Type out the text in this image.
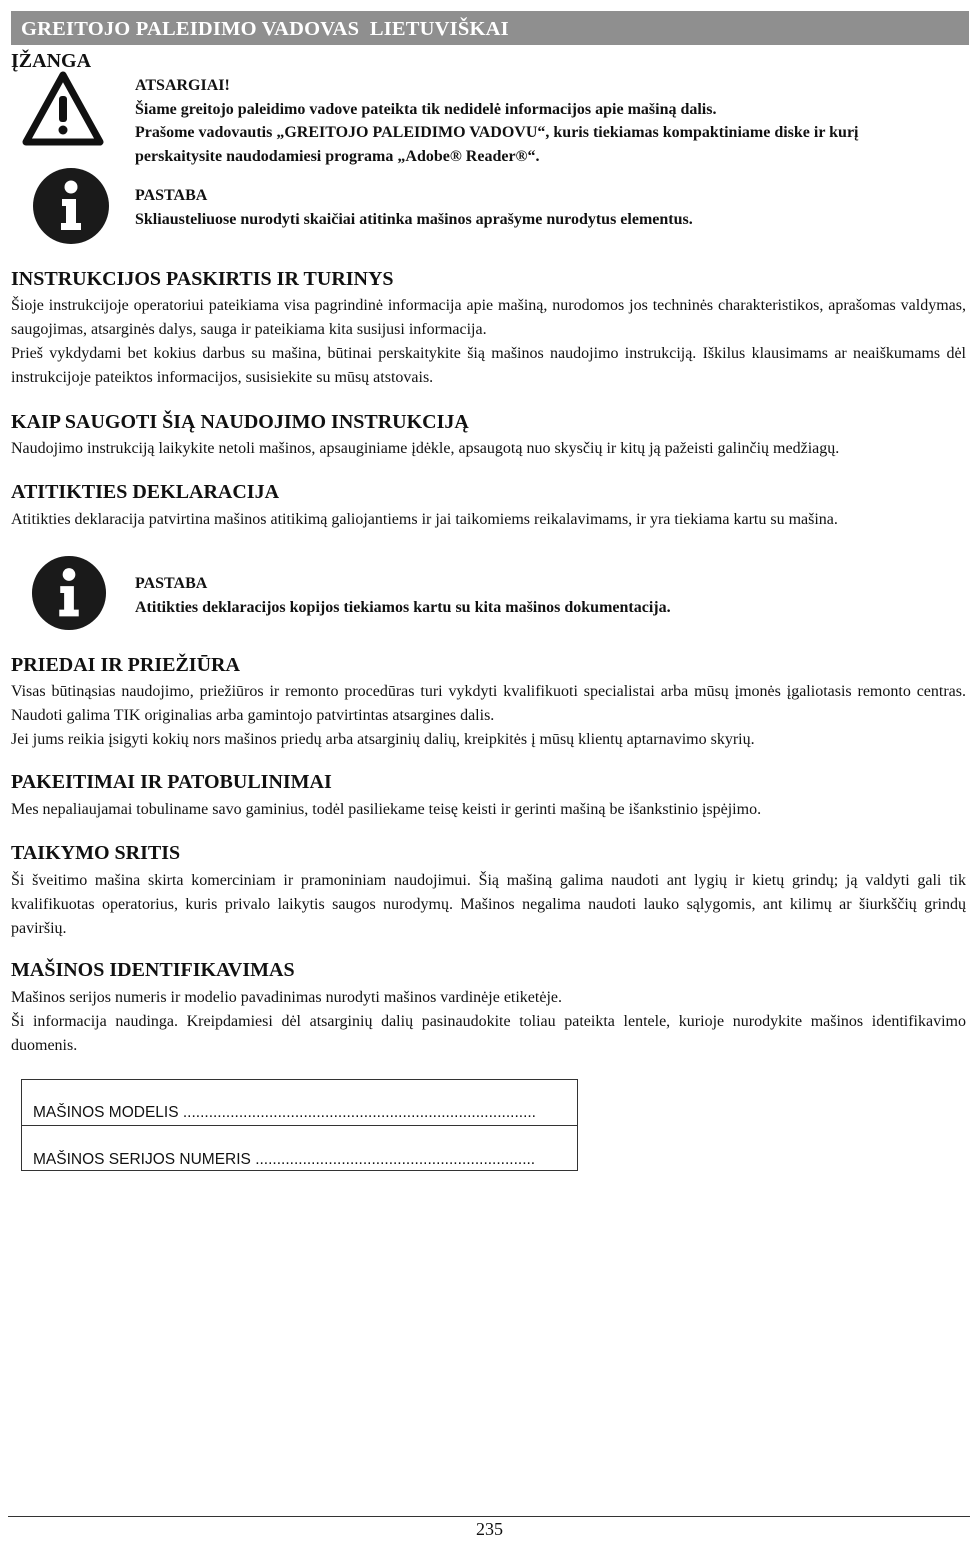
GREITOJO PALEIDIMO VADOVAS  LIETUVIŠKAI
ĮŽANGA
ATSARGIAI!
Šiame greitojo paleidimo vadove pateikta tik nedidelė informacijos apie mašiną dalis.
Prašome vadovautis „GREITOJO PALEIDIMO VADOVU“, kuris tiekiamas kompaktiniame diske ir kurį
perskaitysite naudodamiesi programa „Adobe® Reader®“.
PASTABA
Skliausteliuose nurodyti skaičiai atitinka mašinos aprašyme nurodytus elementus.
INSTRUKCIJOS PASKIRTIS IR TURINYS
Šioje instrukcijoje operatoriui pateikiama visa pagrindinė informacija apie mašiną, nurodomos jos techninės charakteristikos, aprašomas valdymas, saugojimas, atsarginės dalys, sauga ir pateikiama kita susijusi informacija.
Prieš vykdydami bet kokius darbus su mašina, būtinai perskaitykite šią mašinos naudojimo instrukciją. Iškilus klausimams ar neaiškumams dėl instrukcijoje pateiktos informacijos, susisiekite su mūsų atstovais.
KAIP SAUGOTI ŠIĄ NAUDOJIMO INSTRUKCIJĄ
Naudojimo instrukciją laikykite netoli mašinos, apsauginiame įdėkle, apsaugotą nuo skysčių ir kitų ją pažeisti galinčių medžiagų.
ATITIKTIES DEKLARACIJA
Atitikties deklaracija patvirtina mašinos atitikimą galiojantiems ir jai taikomiems reikalavimams, ir yra tiekiama kartu su mašina.
PASTABA
Atitikties deklaracijos kopijos tiekiamos kartu su kita mašinos dokumentacija.
PRIEDAI IR PRIEŽIŪRA
Visas būtinąsias naudojimo, priežiūros ir remonto procedūras turi vykdyti kvalifikuoti specialistai arba mūsų įmonės įgaliotasis remonto centras. Naudoti galima TIK originalias arba gamintojo patvirtintas atsargines dalis.
Jei jums reikia įsigyti kokių nors mašinos priedų arba atsarginių dalių, kreipkitės į mūsų klientų aptarnavimo skyrių.
PAKEITIMAI IR PATOBULINIMAI
Mes nepaliaujamai tobuliname savo gaminius, todėl pasiliekame teisę keisti ir gerinti mašiną be išankstinio įspėjimo.
TAIKYMO SRITIS
Ši šveitimo mašina skirta komerciniam ir pramoniniam naudojimui. Šią mašiną galima naudoti ant lygių ir kietų grindų; ją valdyti gali tik kvalifikuotas operatorius, kuris privalo laikytis saugos nurodymų. Mašinos negalima naudoti lauko sąlygomis, ant kilimų ar šiurkščių grindų paviršių.
MAŠINOS IDENTIFIKAVIMAS
Mašinos serijos numeris ir modelio pavadinimas nurodyti mašinos vardinėje etiketėje.
Ši informacija naudinga. Kreipdamiesi dėl atsarginių dalių pasinaudokite toliau pateikta lentele, kurioje nurodykite mašinos identifikavimo duomenis.
MAŠINOS MODELIS ..................................................................................
MAŠINOS SERIJOS NUMERIS .................................................................
235
